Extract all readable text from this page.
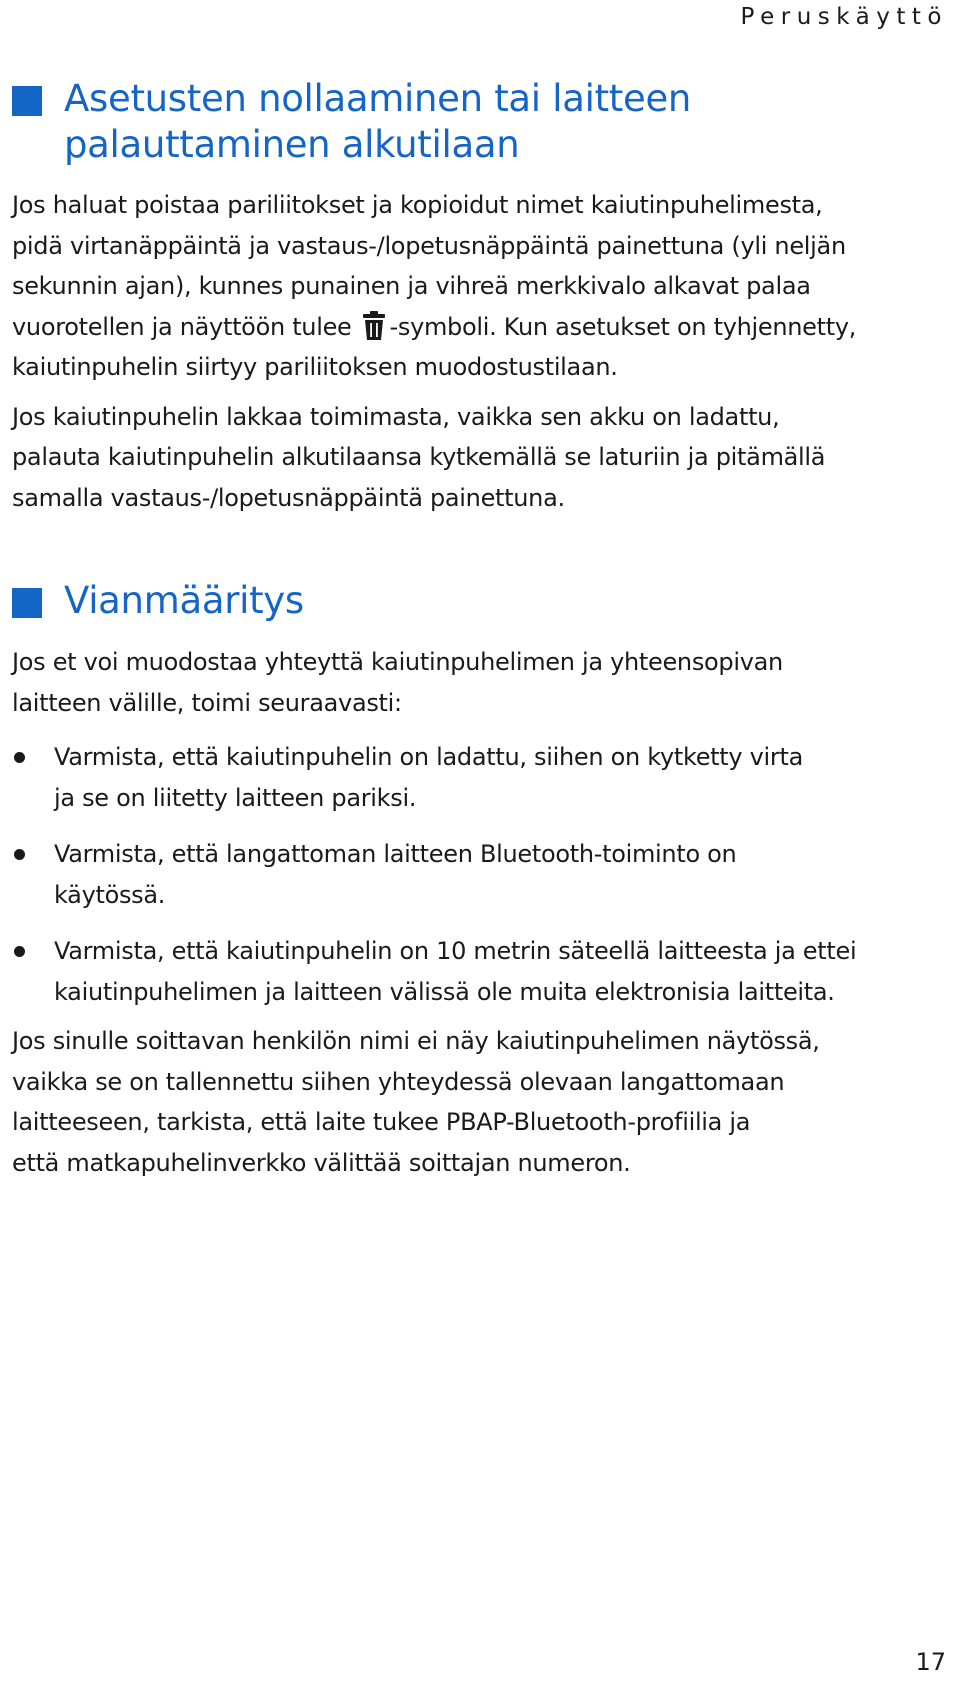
Peruskäyttö
Asetusten nollaaminen tai laitteen
palauttaminen alkutilaan

Jos haluat poistaa pariliitokset ja kopioidut nimet kaiutinpuhelimesta,
pidä virtanäppäintä ja vastaus-/lopetusnäppäintä painettuna (yli neljän
sekunnin ajan), kunnes punainen ja vihreä merkkivalo alkavat palaa
vuorotellen ja näyttöön tulee -symboli. Kun asetukset on tyhjennetty,
kaiutinpuhelin siirtyy pariliitoksen muodostustilaan.

Jos kaiutinpuhelin lakkaa toimimasta, vaikka sen akku on ladattu,
palauta kaiutinpuhelin alkutilaansa kytkemällä se laturiin ja pitämällä
samalla vastaus-/lopetusnäppäintä painettuna.

Vianmääritys

Jos et voi muodostaa yhteyttä kaiutinpuhelimen ja yhteensopivan
laitteen välille, toimi seuraavasti:

Varmista, että kaiutinpuhelin on ladattu, siihen on kytketty virta
ja se on liitetty laitteen pariksi.
Varmista, että langattoman laitteen Bluetooth-toiminto on
käytössä.
Varmista, että kaiutinpuhelin on 10 metrin säteellä laitteesta ja ettei
kaiutinpuhelimen ja laitteen välissä ole muita elektronisia laitteita.

Jos sinulle soittavan henkilön nimi ei näy kaiutinpuhelimen näytössä,
vaikka se on tallennettu siihen yhteydessä olevaan langattomaan
laitteeseen, tarkista, että laite tukee PBAP-Bluetooth-profiilia ja
että matkapuhelinverkko välittää soittajan numeron.

17
